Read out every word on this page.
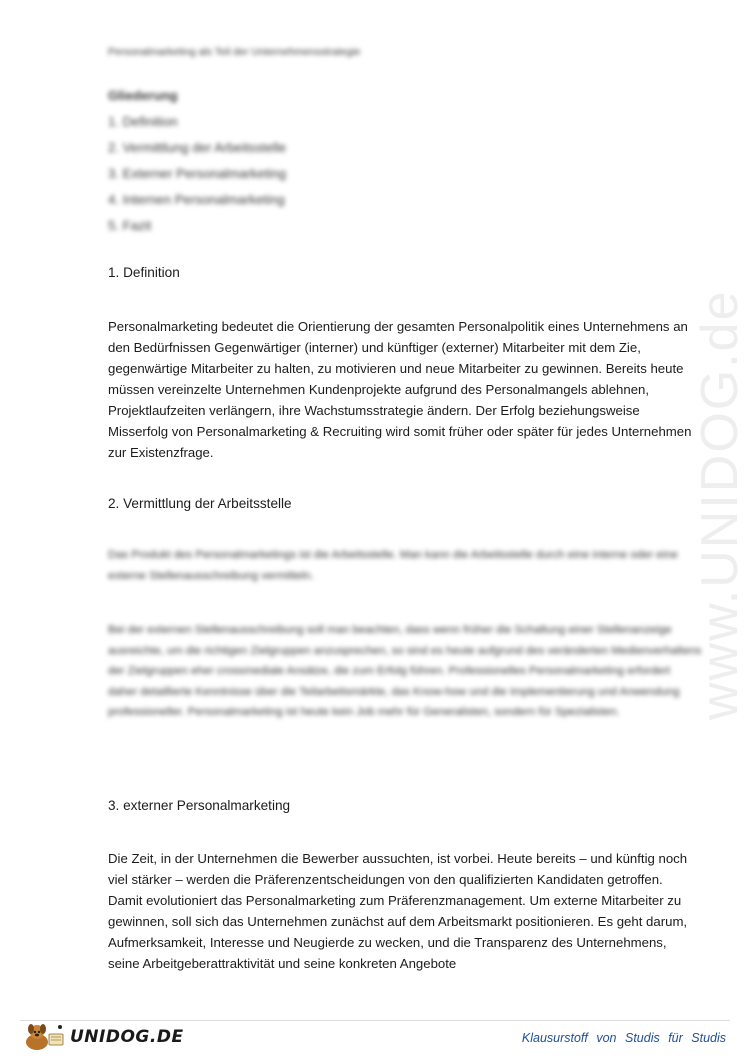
www.UNIDOG.de
Personalmarketing als Teil der Unternehmensstrategie
Gliederung
1. Definition
2. Vermittlung der Arbeitsstelle
3. Externer Personalmarketing
4. Internen Personalmarketing
5. Fazit
1. Definition
Personalmarketing bedeutet die Orientierung der gesamten Personalpolitik eines Unternehmens an den Bedürfnissen Gegenwärtiger (interner) und künftiger (externer) Mitarbeiter mit dem Zie, gegenwärtige Mitarbeiter zu halten, zu motivieren und neue Mitarbeiter zu gewinnen. Bereits heute müssen vereinzelte Unternehmen Kundenprojekte aufgrund des Personalmangels ablehnen, Projektlaufzeiten verlängern, ihre Wachstumsstrategie ändern. Der Erfolg beziehungsweise Misserfolg von Personalmarketing & Recruiting wird somit früher oder später für jedes Unternehmen zur Existenzfrage.
2. Vermittlung der Arbeitsstelle
Das Produkt des Personalmarketings ist die Arbeitsstelle. Man kann die Arbeitsstelle durch eine interne oder eine externe Stellenausschreibung vermitteln.
Bei der externen Stellenausschreibung soll man beachten, dass wenn früher die Schaltung einer Stellenanzeige ausreichte, um die richtigen Zielgruppen anzusprechen, so sind es heute aufgrund des veränderten Medienverhaltens der Zielgruppen eher crossmediale Ansätze, die zum Erfolg führen. Professionelles Personalmarketing erfordert daher detaillierte Kenntnisse über die Teilarbeitsmärkte, das Know-how und die Implementierung und Anwendung professioneller. Personalmarketing ist heute kein Job mehr für Generalisten, sondern für Spezialisten.
3. externer Personalmarketing
Die Zeit, in der Unternehmen die Bewerber aussuchten, ist vorbei. Heute bereits – und künftig noch viel stärker – werden die Präferenzentscheidungen von den qualifizierten Kandidaten getroffen. Damit evolutioniert das Personalmarketing zum Präferenzmanagement. Um externe Mitarbeiter zu gewinnen, soll sich das Unternehmen zunächst auf dem Arbeitsmarkt positionieren. Es geht darum, Aufmerksamkeit, Interesse und Neugierde zu wecken, und die Transparenz des Unternehmens, seine Arbeitgeberattraktivität und seine konkreten Angebote
UNIDOG.DE	Klausurstoff von Studis für Studis
